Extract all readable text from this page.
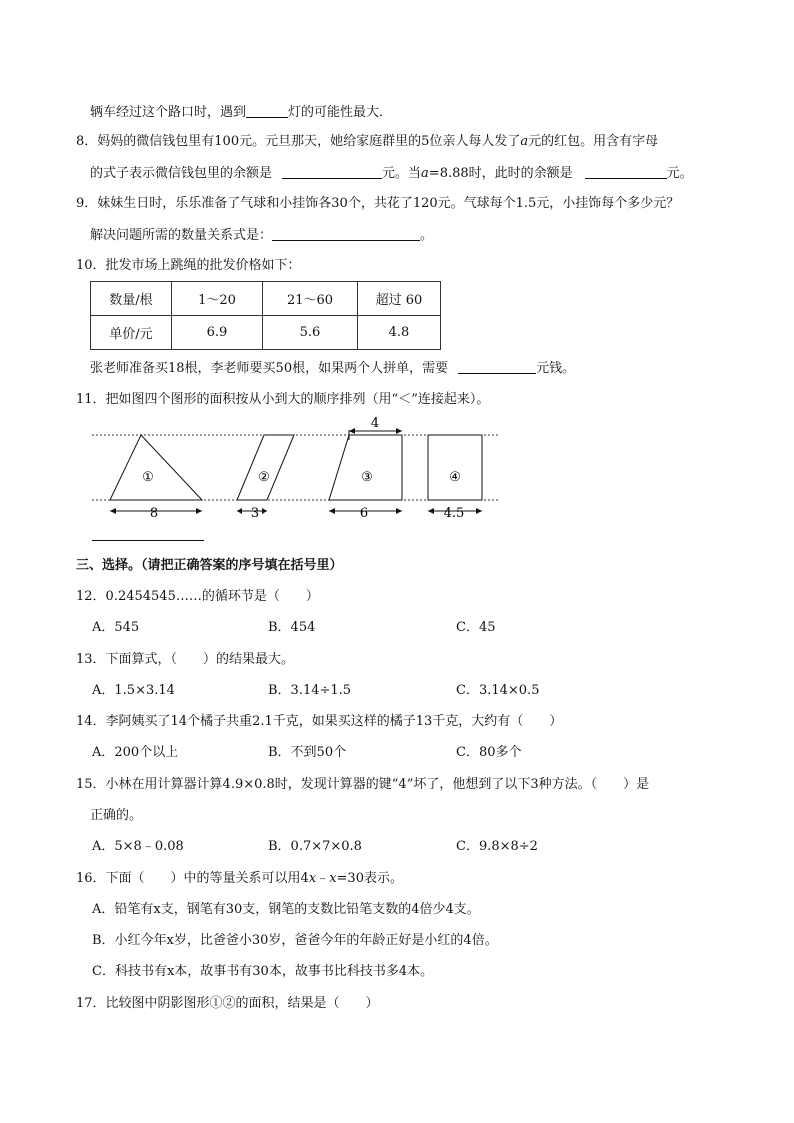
辆车经过这个路口时，遇到	灯的可能性最大．
8．妈妈的微信钱包里有100元。元旦那天，她给家庭群里的5位亲人每人发了a元的红包。用含有字母
的式子表示微信钱包里的余额是	元。当a=8.88时，此时的余额是	元。
9．妹妹生日时，乐乐准备了气球和小挂饰各30个，共花了120元。气球每个1.5元，小挂饰每个多少元？
解决问题所需的数量关系式是：	。
10．批发市场上跳绳的批发价格如下：
数量/根	1～20	21～60	超过 60
单价/元	6.9	5.6	4.8
张老师准备买18根，李老师要买50根，如果两个人拼单，需要	元钱。
11．把如图四个图形的面积按从小到大的顺序排列（用“＜”连接起来）。
①
8
②
3
③
4
6
④
4.5
三、选择。（请把正确答案的序号填在括号里）
12．0.2454545……的循环节是（　　）
A．545	B．454	C．45
13．下面算式，（　　）的结果最大。
A．1.5×3.14	B．3.14÷1.5	C．3.14×0.5
14．李阿姨买了14个橘子共重2.1千克，如果买这样的橘子13千克，大约有（　　）
A．200个以上	B．不到50个	C．80多个
15．小林在用计算器计算4.9×0.8时，发现计算器的键“4”坏了，他想到了以下3种方法。（　　）是
正确的。
A．5×8﹣0.08	B．0.7×7×0.8	C．9.8×8÷2
16．下面（　　）中的等量关系可以用4x﹣x=30表示。
A．铅笔有x支，钢笔有30支，钢笔的支数比铅笔支数的4倍少4支。
B．小红今年x岁，比爸爸小30岁，爸爸今年的年龄正好是小红的4倍。
C．科技书有x本，故事书有30本，故事书比科技书多4本。
17．比较图中阴影图形①②的面积，结果是（　　）
